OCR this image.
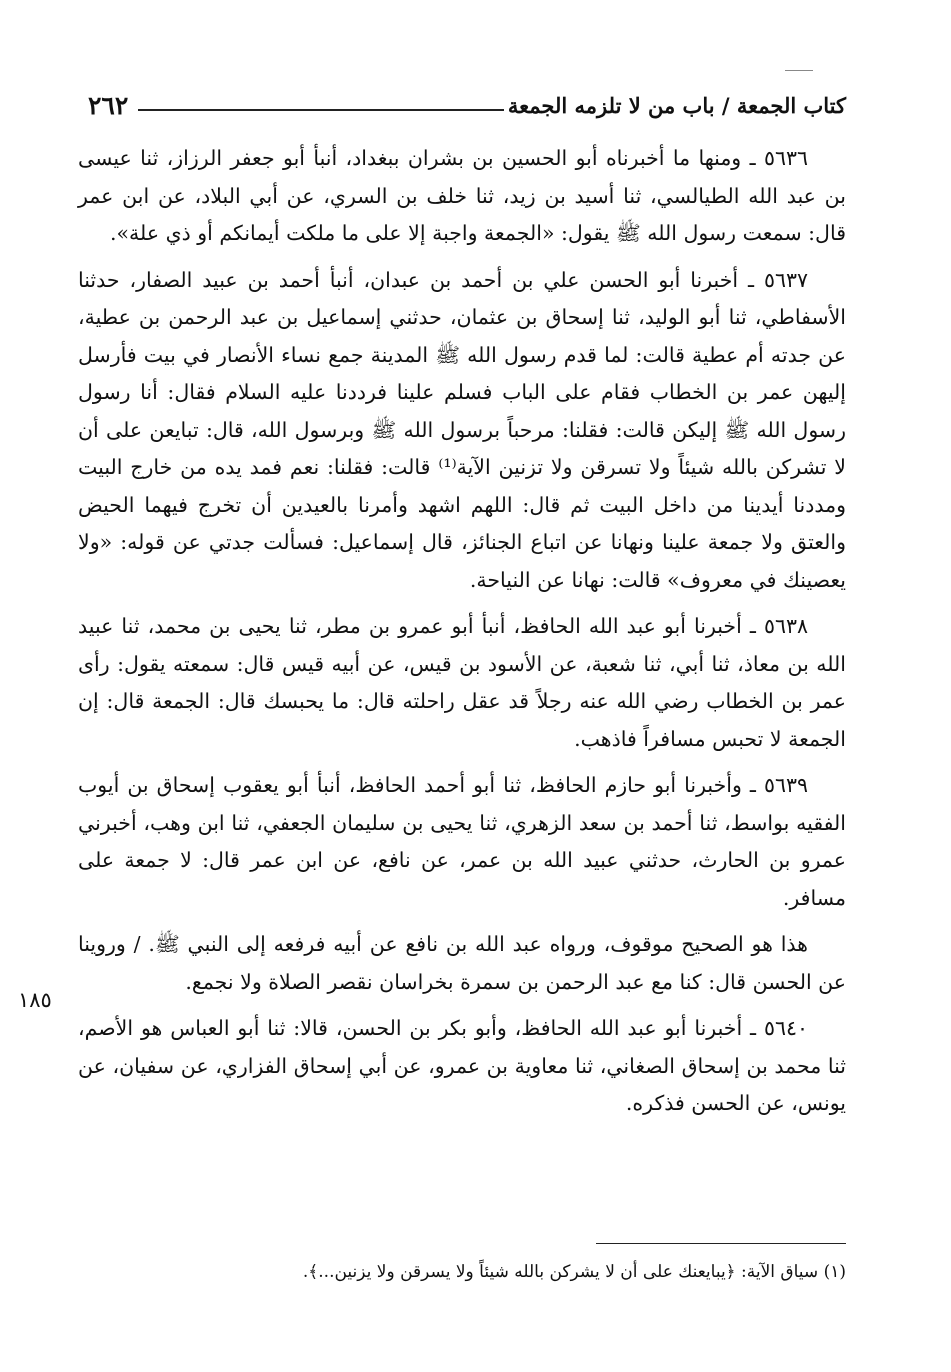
كتاب الجمعة / باب من لا تلزمه الجمعة
٢٦٢

٥٦٣٦ ـ ومنها ما أخبرناه أبو الحسين بن بشران ببغداد، أنبأ أبو جعفر الرزاز، ثنا عيسى بن عبد الله الطيالسي، ثنا أسيد بن زيد، ثنا خلف بن السري، عن أبي البلاد، عن ابن عمر قال: سمعت رسول الله ﷺ يقول: «الجمعة واجبة إلا على ما ملكت أيمانكم أو ذي علة».

٥٦٣٧ ـ أخبرنا أبو الحسن علي بن أحمد بن عبدان، أنبأ أحمد بن عبيد الصفار، حدثنا الأسفاطي، ثنا أبو الوليد، ثنا إسحاق بن عثمان، حدثني إسماعيل بن عبد الرحمن بن عطية، عن جدته أم عطية قالت: لما قدم رسول الله ﷺ المدينة جمع نساء الأنصار في بيت فأرسل إليهن عمر بن الخطاب فقام على الباب فسلم علينا فرددنا عليه السلام فقال: أنا رسول رسول الله ﷺ إليكن قالت: فقلنا: مرحباً برسول الله ﷺ وبرسول الله، قال: تبايعن على أن لا تشركن بالله شيئاً ولا تسرقن ولا تزنين الآية⁽¹⁾ قالت: فقلنا: نعم فمد يده من خارج البيت ومددنا أيدينا من داخل البيت ثم قال: اللهم اشهد وأمرنا بالعيدين أن تخرج فيهما الحيض والعتق ولا جمعة علينا ونهانا عن اتباع الجنائز، قال إسماعيل: فسألت جدتي عن قوله: «ولا يعصينك في معروف» قالت: نهانا عن النياحة.

٥٦٣٨ ـ أخبرنا أبو عبد الله الحافظ، أنبأ أبو عمرو بن مطر، ثنا يحيى بن محمد، ثنا عبيد الله بن معاذ، ثنا أبي، ثنا شعبة، عن الأسود بن قيس، عن أبيه قيس قال: سمعته يقول: رأى عمر بن الخطاب رضي الله عنه رجلاً قد عقل راحلته قال: ما يحبسك قال: الجمعة قال: إن الجمعة لا تحبس مسافراً فاذهب.

٥٦٣٩ ـ وأخبرنا أبو حازم الحافظ، ثنا أبو أحمد الحافظ، أنبأ أبو يعقوب إسحاق بن أيوب الفقيه بواسط، ثنا أحمد بن سعد الزهري، ثنا يحيى بن سليمان الجعفي، ثنا ابن وهب، أخبرني عمرو بن الحارث، حدثني عبيد الله بن عمر، عن نافع، عن ابن عمر قال: لا جمعة على مسافر.

هذا هو الصحيح موقوف، ورواه عبد الله بن نافع عن أبيه فرفعه إلى النبي ﷺ. / وروينا عن الحسن قال: كنا مع عبد الرحمن بن سمرة بخراسان نقصر الصلاة ولا نجمع.

٥٦٤٠ ـ أخبرنا أبو عبد الله الحافظ، وأبو بكر بن الحسن، قالا: ثنا أبو العباس هو الأصم، ثنا محمد بن إسحاق الصغاني، ثنا معاوية بن عمرو، عن أبي إسحاق الفزاري، عن سفيان، عن يونس، عن الحسن فذكره.

١٨٥
(١) سياق الآية: ﴿يبايعنك على أن لا يشركن بالله شيئاً ولا يسرقن ولا يزنين...﴾.
